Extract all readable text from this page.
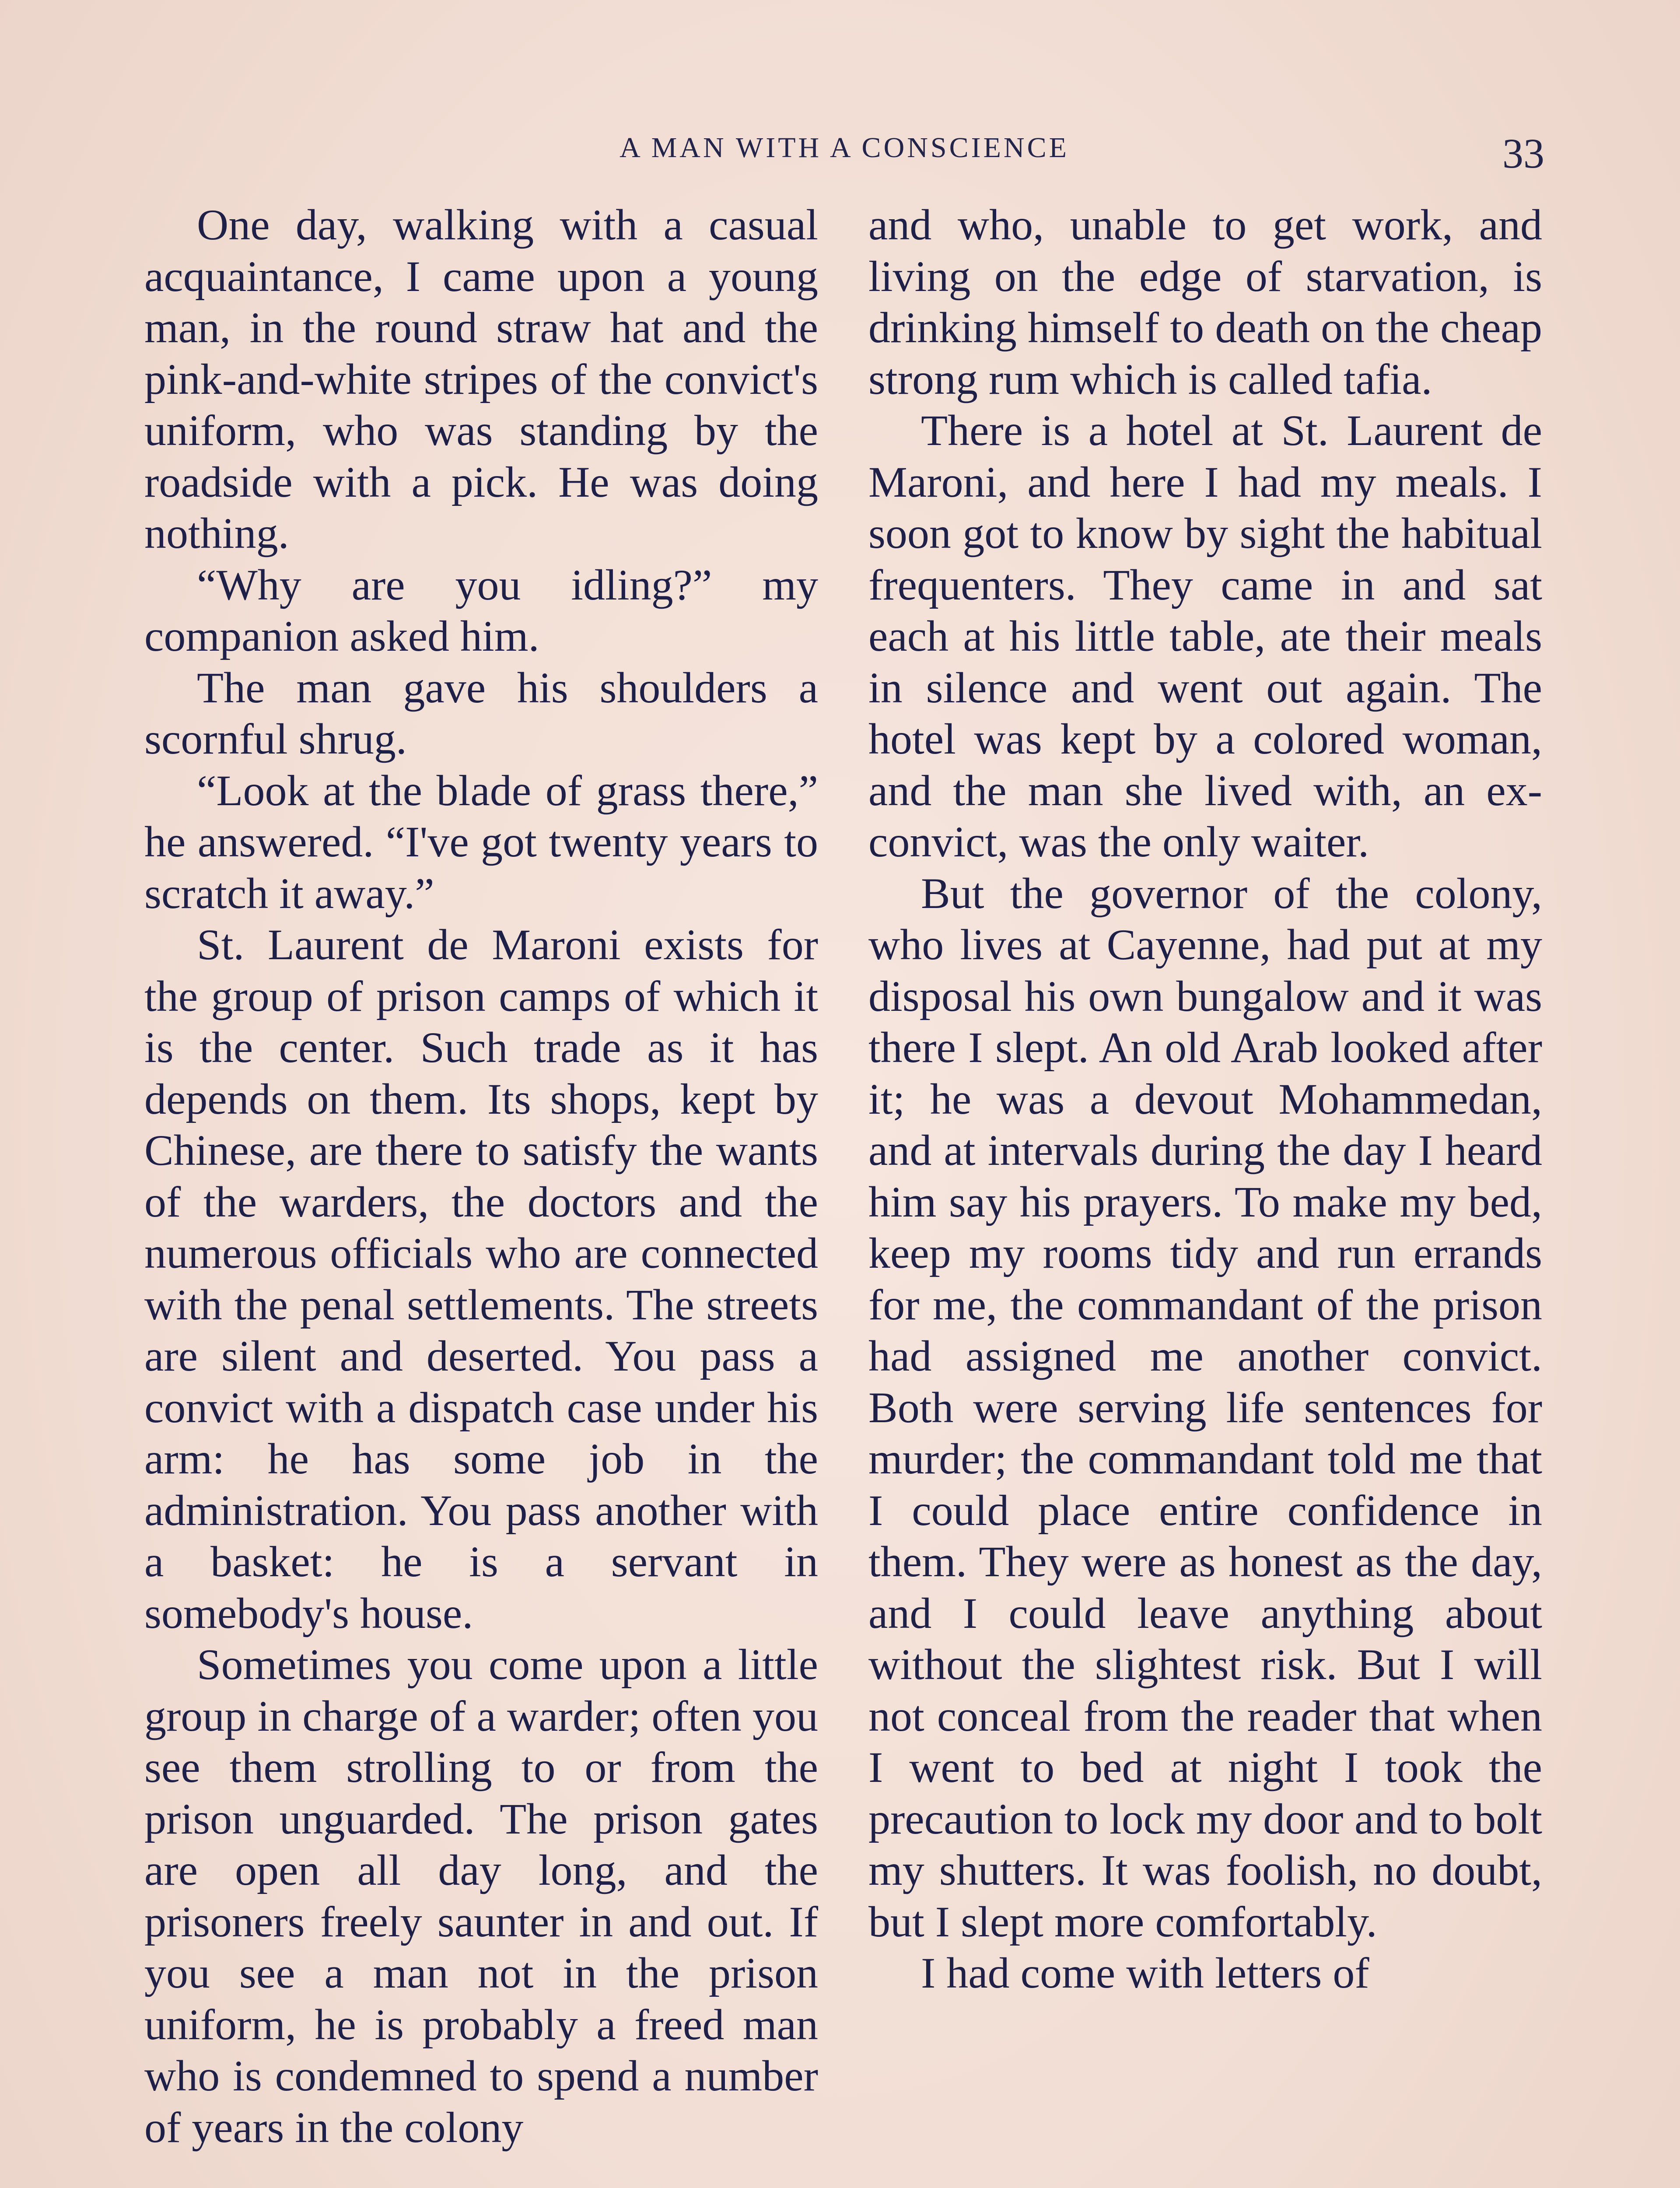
A MAN WITH A CONSCIENCE	33

One day, walking with a casual acquaintance, I came upon a young man, in the round straw hat and the pink-and-white stripes of the convict's uniform, who was standing by the roadside with a pick. He was doing nothing.

“Why are you idling?” my companion asked him.

The man gave his shoulders a scornful shrug.

“Look at the blade of grass there,” he answered. “I've got twenty years to scratch it away.”

St. Laurent de Maroni exists for the group of prison camps of which it is the center. Such trade as it has depends on them. Its shops, kept by Chinese, are there to satisfy the wants of the warders, the doctors and the numerous officials who are connected with the penal settlements. The streets are silent and deserted. You pass a convict with a dispatch case under his arm: he has some job in the administration. You pass another with a basket: he is a servant in somebody's house.

Sometimes you come upon a little group in charge of a warder; often you see them strolling to or from the prison unguarded. The prison gates are open all day long, and the prisoners freely saunter in and out. If you see a man not in the prison uniform, he is probably a freed man who is condemned to spend a number of years in the colony

and who, unable to get work, and living on the edge of starvation, is drinking himself to death on the cheap strong rum which is called tafia.

There is a hotel at St. Laurent de Maroni, and here I had my meals. I soon got to know by sight the habitual frequenters. They came in and sat each at his little table, ate their meals in silence and went out again. The hotel was kept by a colored woman, and the man she lived with, an ex-convict, was the only waiter.

But the governor of the colony, who lives at Cayenne, had put at my disposal his own bungalow and it was there I slept. An old Arab looked after it; he was a devout Mohammedan, and at intervals during the day I heard him say his prayers. To make my bed, keep my rooms tidy and run errands for me, the commandant of the prison had assigned me another convict. Both were serving life sentences for murder; the commandant told me that I could place entire confidence in them. They were as honest as the day, and I could leave anything about without the slightest risk. But I will not conceal from the reader that when I went to bed at night I took the precaution to lock my door and to bolt my shutters. It was foolish, no doubt, but I slept more comfortably.

I had come with letters of
